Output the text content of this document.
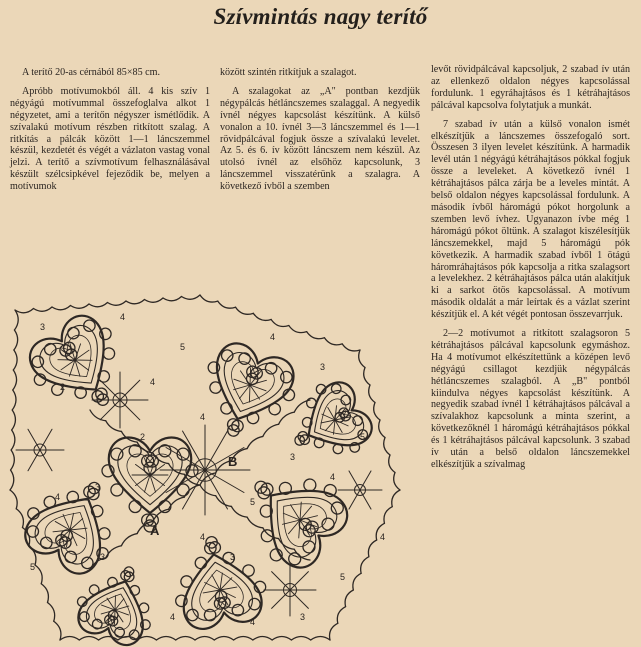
Szívmintás nagy terítő

A terítő 20-as cérnából 85×85 cm.

Apróbb motívumokból áll. 4 kis szív 1 négyágú motívummal összefoglalva alkot 1 négyzetet, ami a terítőn négyszer ismétlődik. A szívalakú motívum részben ritkított szalag. A ritkítás a pálcák között 1—1 láncszemmel készül, kezdetét és végét a vázlaton vastag vonal jelzi. A terítő a szívmotívum felhasználásával készült szélcsipkével fejeződik be, melyen a motívumok

között szintén ritkítjuk a szalagot.

A szalagokat az „A" pontban kezdjük négypálcás hétláncszemes szalaggal. A negyedik ívnél négyes kapcsolást készítünk. A külső vonalon a 10. ívnél 3—3 láncszemmel és 1—1 rövidpálcával fogjuk össze a szívalakú levelet. Az 5. és 6. ív között láncszem nem készül. Az utolsó ívnél az elsőhöz kapcsolunk, 3 láncszemmel visszatérünk a szalagra. A következő ívből a szemben

levőt rövidpálcával kapcsoljuk, 2 szabad ív után az ellenkező oldalon négyes kapcsolással fordulunk. 1 egyráhajtásos és 1 kétráhajtásos pálcával kapcsolva folytatjuk a munkát.

7 szabad ív után a külső vonalon ismét elkészítjük a láncszemes összefogaló sort. Összesen 3 ilyen levelet készítünk. A harmadik levél után 1 négyágú kétráhajtásos pókkal fogjuk össze a leveleket. A következő ívnél 1 kétráhajtásos pálca zárja be a leveles mintát. A belső oldalon négyes kapcsolással fordulunk. A második ívből háromágú pókot horgolunk a szemben levő ívhez. Ugyanazon ívbe még 1 háromágú pókot öltünk. A szalagot kiszélesítjük láncszemekkel, majd 5 háromágú pók következik. A harmadik szabad ívből 1 ötágú háromráhajtásos pók kapcsolja a ritka szalagsort a levelekhez. 2 kétráhajtásos pálca után alakítjuk ki a sarkot ötös kapcsolással. A motívum második oldalát a már leírtak és a vázlat szerint készítjük el. A két végét pontosan összevarrjuk.

2—2 motívumot a ritkított szalagsoron 5 kétráhajtásos pálcával kapcsolunk egymáshoz. Ha 4 motívumot elkészítettünk a középen levő négyágú csillagot kezdjük négypálcás hétláncszemes szalagból. A „B" pontból kiindulva négyes kapcsolást készítünk. A negyedik szabad ívnél 1 kétráhajtásos pálcával a szívalakhoz kapcsolunk a minta szerint, a következőknél 1 háromágú kétráhajtásos pókkal és 1 kétráhajtásos pálcával kapcsolunk. 3 szabad ív után a belső oldalon láncszemekkel elkészítjük a szívalmag

A
B
3
4
5
4
3
5
4
4
3
5
4
2
3
4
5
3
4	4	3
5
2
4
3
4
